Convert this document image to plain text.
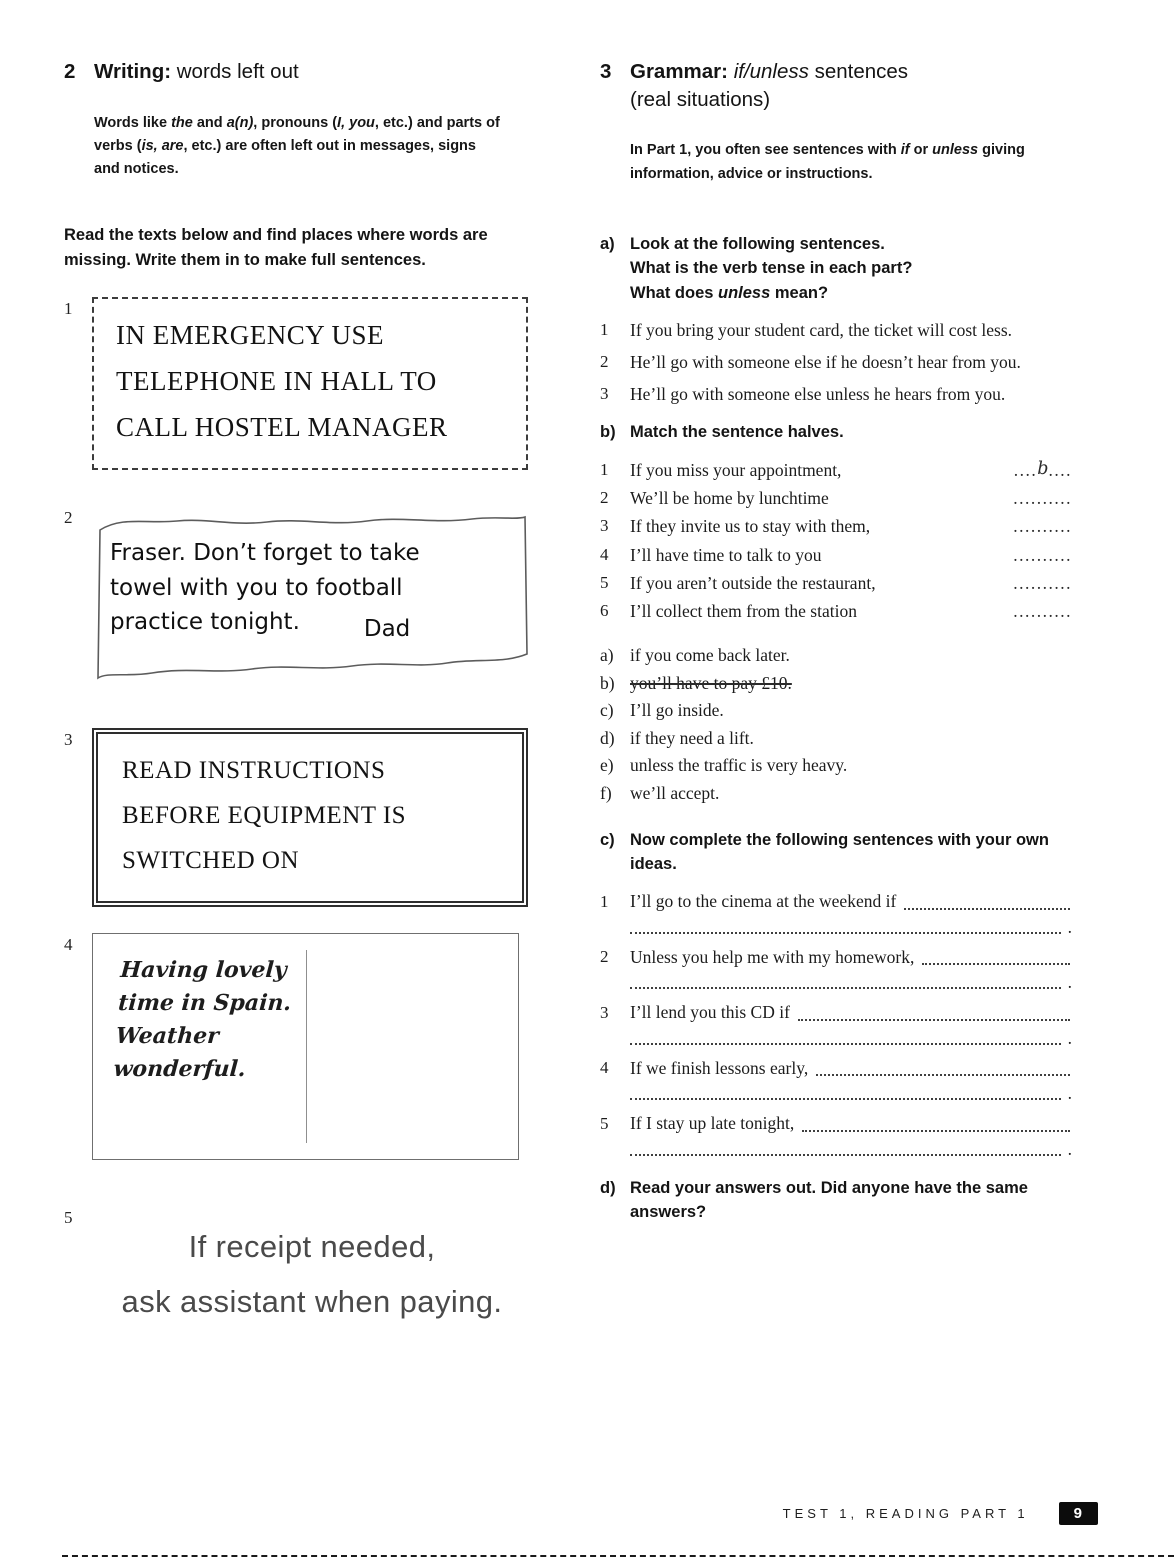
2 Writing: words left out

Words like the and a(n), pronouns (I, you, etc.) and parts of verbs (is, are, etc.) are often left out in messages, signs and notices.

Read the texts below and find places where words are missing. Write them in to make full sentences.

1
IN EMERGENCY USE
TELEPHONE IN HALL TO
CALL HOSTEL MANAGER
2
Fraser. Don’t forget to take
towel with you to football
practice tonight.	Dad
3
READ INSTRUCTIONS
BEFORE EQUIPMENT IS
SWITCHED ON
4
Having lovely
time in Spain.
Weather
wonderful.
5
If receipt needed,
ask assistant when paying.
3 Grammar: if/unless sentences
(real situations)

In Part 1, you often see sentences with if or unless giving information, advice or instructions.

a) Look at the following sentences.
What is the verb tense in each part?
What does unless mean?
1	If you bring your student card, the ticket will cost less.
2	He’ll go with someone else if he doesn’t hear from you.
3	He’ll go with someone else unless he hears from you.
b) Match the sentence halves.
1	If you miss your appointment,	....b....
2	We’ll be home by lunchtime	..........
3	If they invite us to stay with them,	..........
4	I’ll have time to talk to you	..........
5	If you aren’t outside the restaurant,	..........
6	I’ll collect them from the station	..........
a) if you come back later.
b) you’ll have to pay £10.
c) I’ll go inside.
d) if they need a lift.
e) unless the traffic is very heavy.
f)	we’ll accept.
c) Now complete the following sentences with your own ideas.
1	I’ll go to the cinema at the weekend if
.
2	Unless you help me with my homework,
.
3	I’ll lend you this CD if
.
4	If we finish lessons early,
.
5	If I stay up late tonight,
.
d) Read your answers out. Did anyone have the same answers?
TEST 1, READING PART 1	9
